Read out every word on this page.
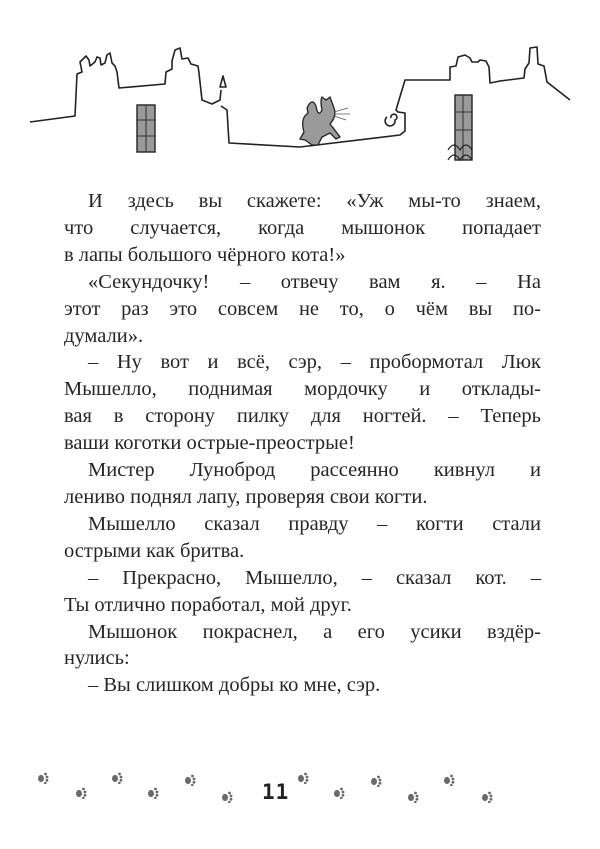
И здесь вы скажете: «Уж мы-то знаем,
что случается, когда мышонок попадает
в лапы большого чёрного кота!»
«Секундочку! – отвечу вам я. – На
этот раз это совсем не то, о чём вы по-
думали».
– Ну вот и всё, сэр, – пробормотал Люк
Мышелло, поднимая мордочку и отклады-
вая в сторону пилку для ногтей. – Теперь
ваши коготки острые-преострые!
Мистер Луноброд рассеянно кивнул и
лениво поднял лапу, проверяя свои когти.
Мышелло сказал правду – когти стали
острыми как бритва.
– Прекрасно, Мышелло, – сказал кот. –
Ты отлично поработал, мой друг.
Мышонок покраснел, а его усики вздёр-
нулись:
– Вы слишком добры ко мне, сэр.
11
